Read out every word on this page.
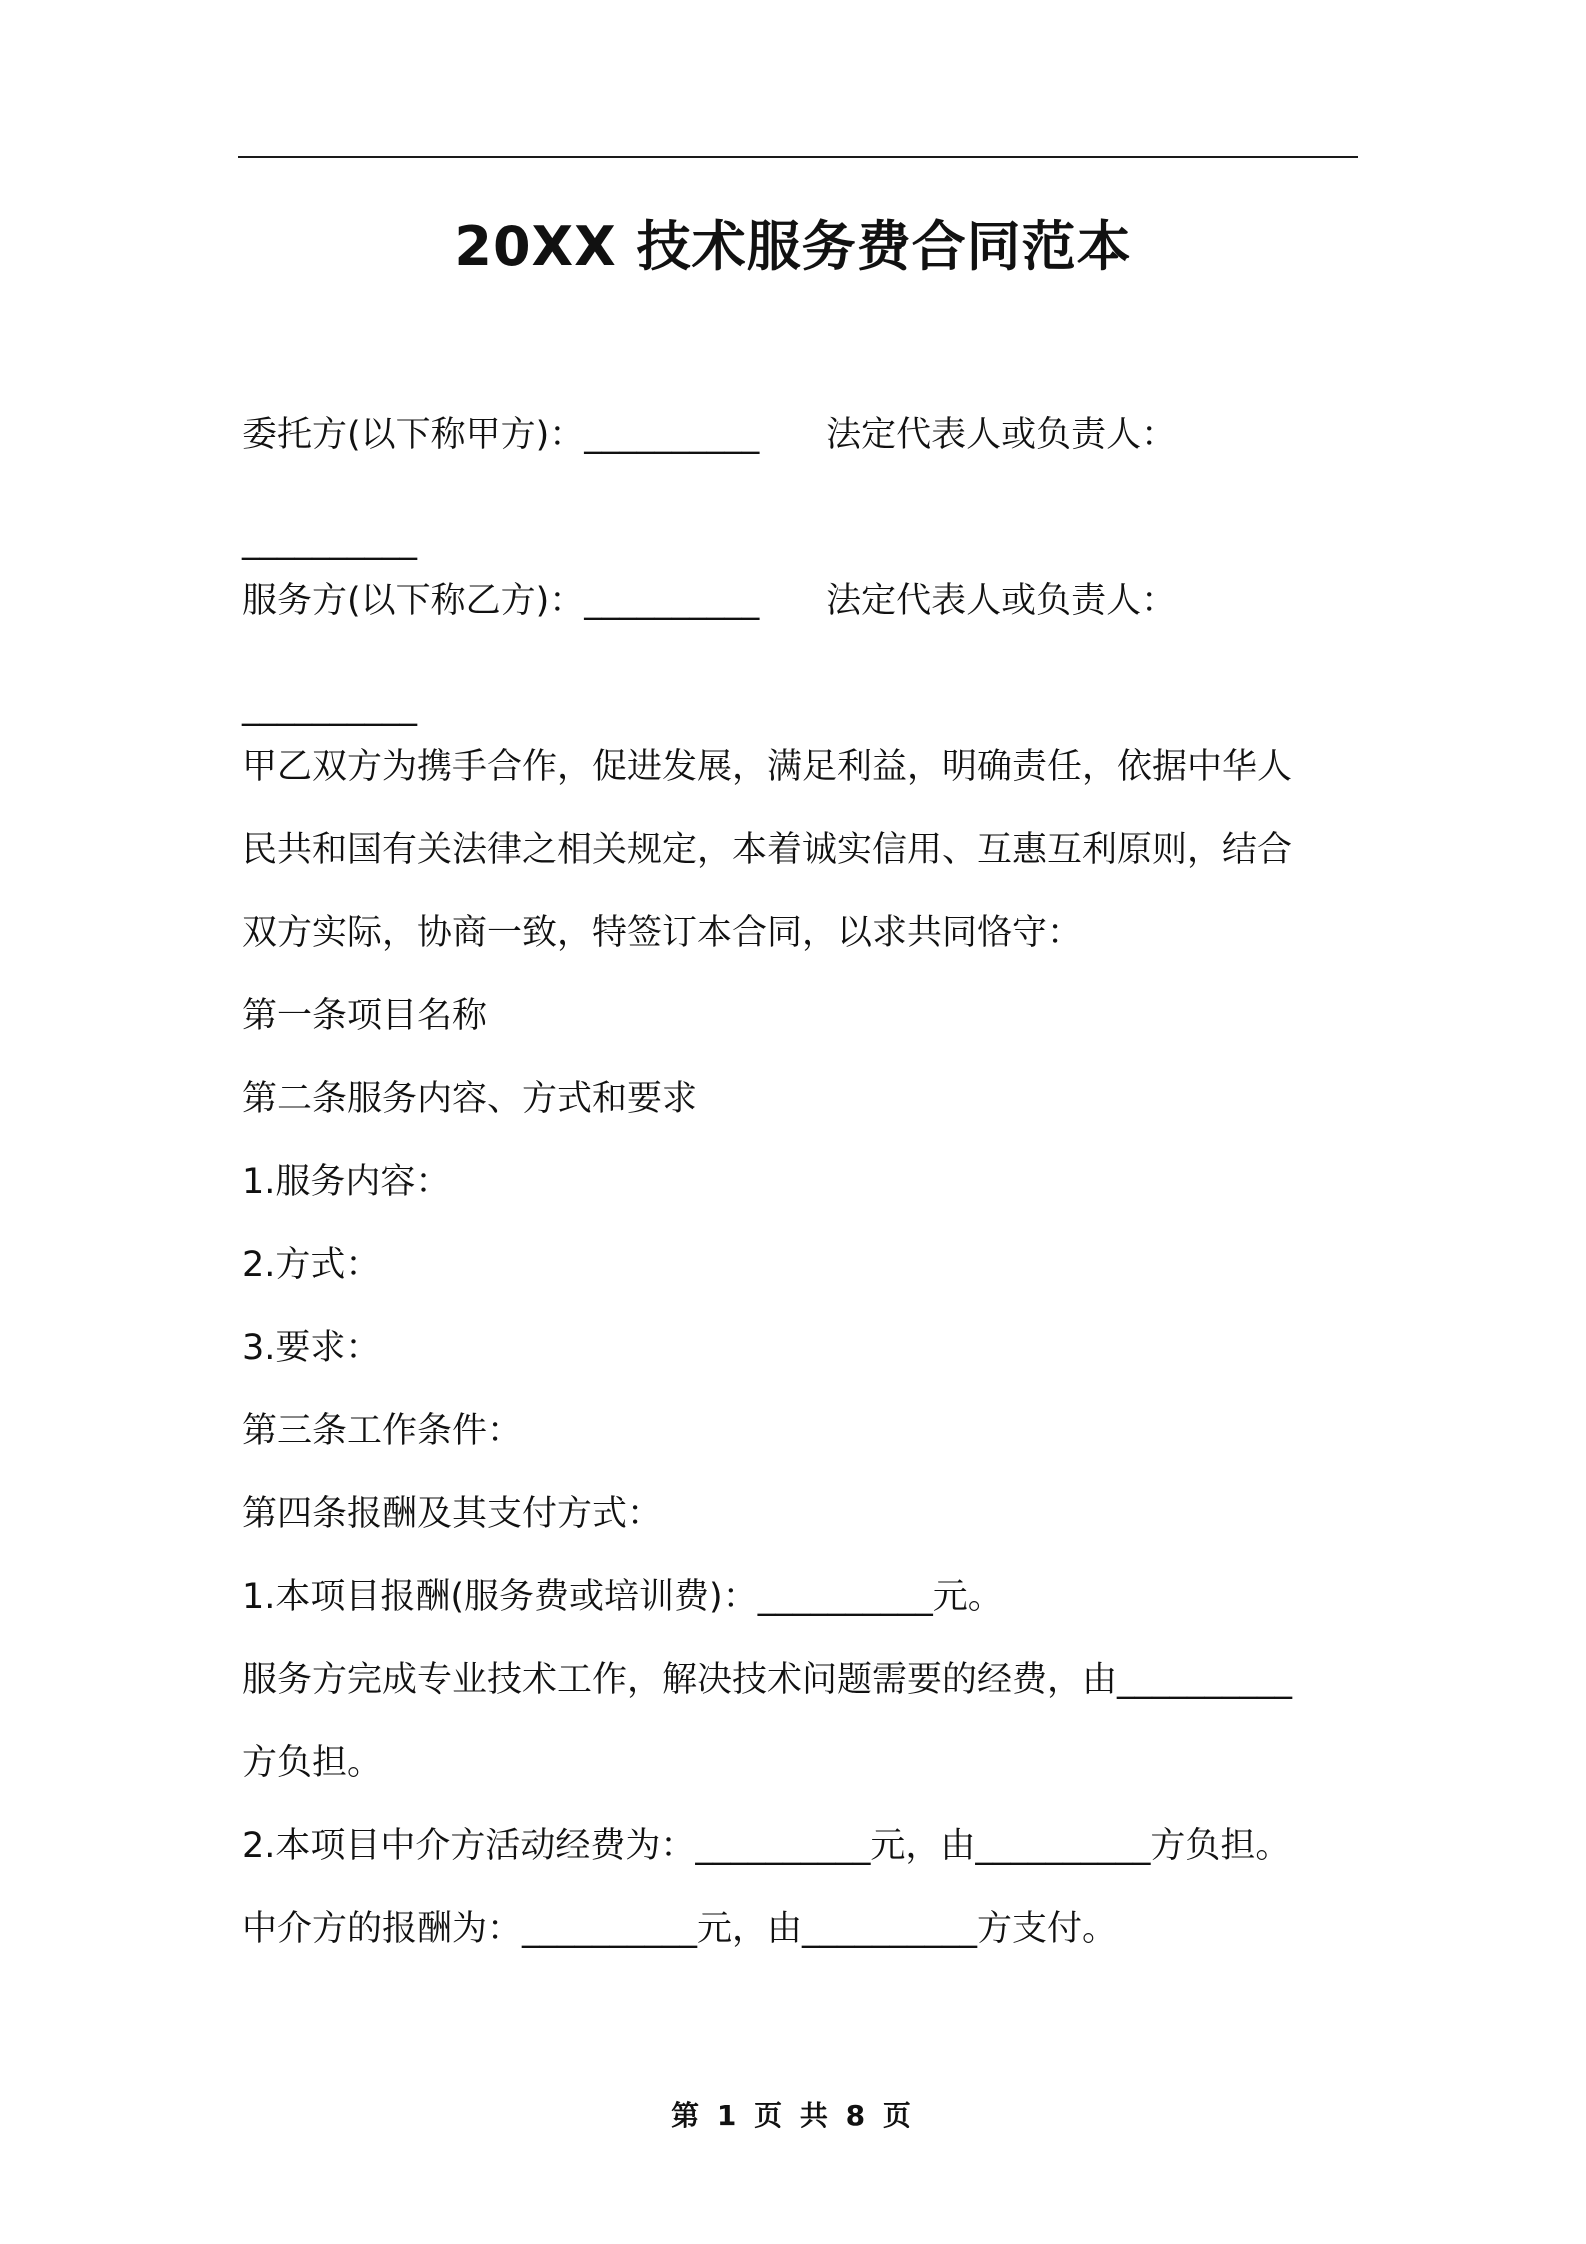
20XX 技术服务费合同范本
委托方(以下称甲方)：__________      法定代表人或负责人：
__________
服务方(以下称乙方)：__________      法定代表人或负责人：
__________
甲乙双方为携手合作，促进发展，满足利益，明确责任，依据中华人
民共和国有关法律之相关规定，本着诚实信用、互惠互利原则，结合
双方实际，协商一致，特签订本合同，以求共同恪守：
第一条项目名称
第二条服务内容、方式和要求
1.服务内容：
2.方式：
3.要求：
第三条工作条件：
第四条报酬及其支付方式：
1.本项目报酬(服务费或培训费)：__________元。
服务方完成专业技术工作，解决技术问题需要的经费，由__________
方负担。
2.本项目中介方活动经费为：__________元，由__________方负担。
中介方的报酬为：__________元，由__________方支付。
第 1 页 共 8 页
